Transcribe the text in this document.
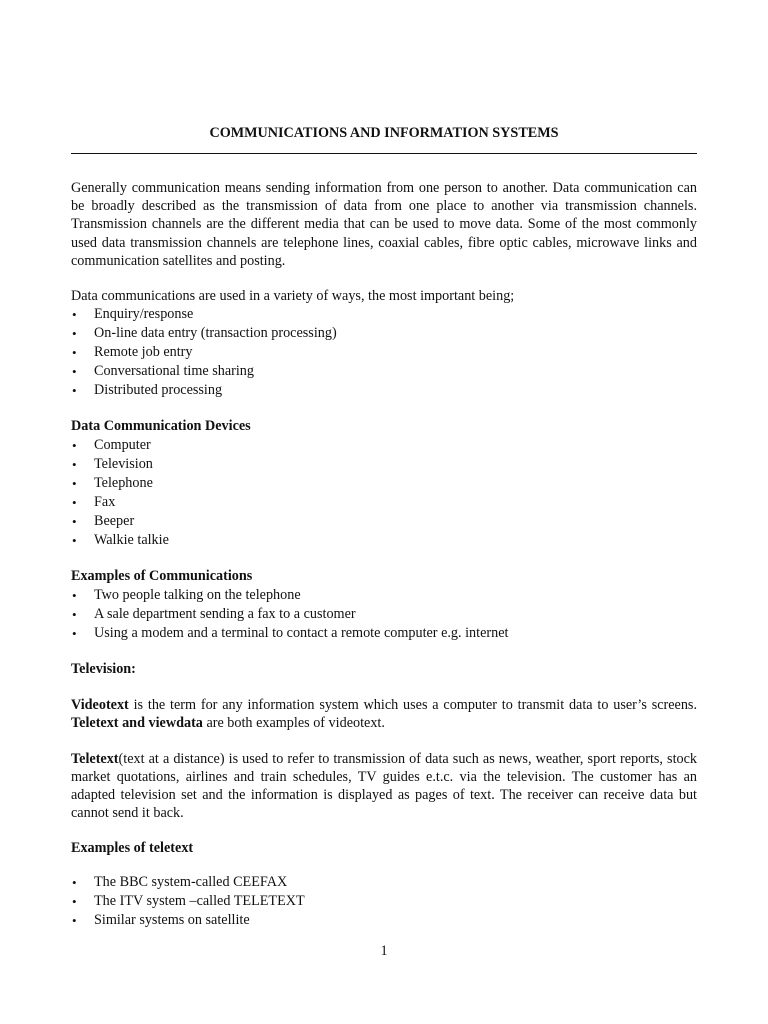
COMMUNICATIONS AND INFORMATION SYSTEMS

Generally communication means sending information from one person to another. Data communication can be broadly described as the transmission of data from one place to another via transmission channels. Transmission channels are the different media that can be used to move data. Some of the most commonly used data transmission channels are telephone lines, coaxial cables, fibre optic cables, microwave links and communication satellites and posting.

Data communications are used in a variety of ways, the most important being;

• Enquiry/response
• On-line data entry (transaction processing)
• Remote job entry
• Conversational time sharing
• Distributed processing
Data Communication Devices
• Computer
• Television
• Telephone
• Fax
• Beeper
• Walkie talkie
Examples of Communications
• Two people talking on the telephone
• A sale department sending a fax to a customer
• Using a modem and a terminal to contact a remote computer e.g. internet
Television:

Videotext is the term for any information system which uses a computer to transmit data to user’s screens. Teletext and viewdata are both examples of videotext.

Teletext(text at a distance) is used to refer to transmission of data such as news, weather, sport reports, stock market quotations, airlines and train schedules, TV guides e.t.c. via the television. The customer has an adapted television set and the information is displayed as pages of text. The receiver can receive data but cannot send it back.

Examples of teletext
• The BBC system-called CEEFAX
• The ITV system –called TELETEXT
• Similar systems on satellite
1
